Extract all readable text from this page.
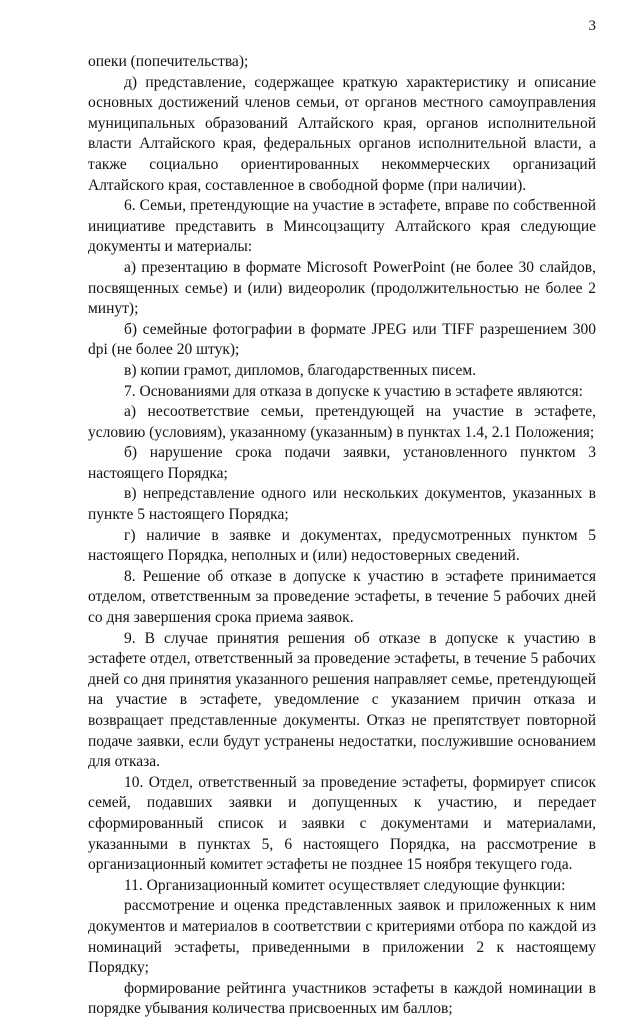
3

опеки (попечительства);

д) представление, содержащее краткую характеристику и описание основных достижений членов семьи, от органов местного самоуправления муниципальных образований Алтайского края, органов исполнительной власти Алтайского края, федеральных органов исполнительной власти, а также социально ориентированных некоммерческих организаций Алтайского края, составленное в свободной форме (при наличии).

6. Семьи, претендующие на участие в эстафете, вправе по собственной инициативе представить в Минсоцзащиту Алтайского края следующие документы и материалы:

а) презентацию в формате Microsoft PowerPoint (не более 30 слайдов, посвященных семье) и (или) видеоролик (продолжительностью не более 2 минут);

б) семейные фотографии в формате JPEG или TIFF разрешением 300 dpi (не более 20 штук);

в) копии грамот, дипломов, благодарственных писем.

7. Основаниями для отказа в допуске к участию в эстафете являются:

а) несоответствие семьи, претендующей на участие в эстафете, условию (условиям), указанному (указанным) в пунктах 1.4, 2.1 Положения;

б) нарушение срока подачи заявки, установленного пунктом 3 настоящего Порядка;

в) непредставление одного или нескольких документов, указанных в пункте 5 настоящего Порядка;

г) наличие в заявке и документах, предусмотренных пунктом 5 настоящего Порядка, неполных и (или) недостоверных сведений.

8. Решение об отказе в допуске к участию в эстафете принимается отделом, ответственным за проведение эстафеты, в течение 5 рабочих дней со дня завершения срока приема заявок.

9. В случае принятия решения об отказе в допуске к участию в эстафете отдел, ответственный за проведение эстафеты, в течение 5 рабочих дней со дня принятия указанного решения направляет семье, претендующей на участие в эстафете, уведомление с указанием причин отказа и возвращает представленные документы. Отказ не препятствует повторной подаче заявки, если будут устранены недостатки, послужившие основанием для отказа.

10. Отдел, ответственный за проведение эстафеты, формирует список семей, подавших заявки и допущенных к участию, и передает сформированный список и заявки с документами и материалами, указанными в пунктах 5, 6 настоящего Порядка, на рассмотрение в организационный комитет эстафеты не позднее 15 ноября текущего года.

11. Организационный комитет осуществляет следующие функции:

рассмотрение и оценка представленных заявок и приложенных к ним документов и материалов в соответствии с критериями отбора по каждой из номинаций эстафеты, приведенными в приложении 2 к настоящему Порядку;

формирование рейтинга участников эстафеты в каждой номинации в порядке убывания количества присвоенных им баллов;
